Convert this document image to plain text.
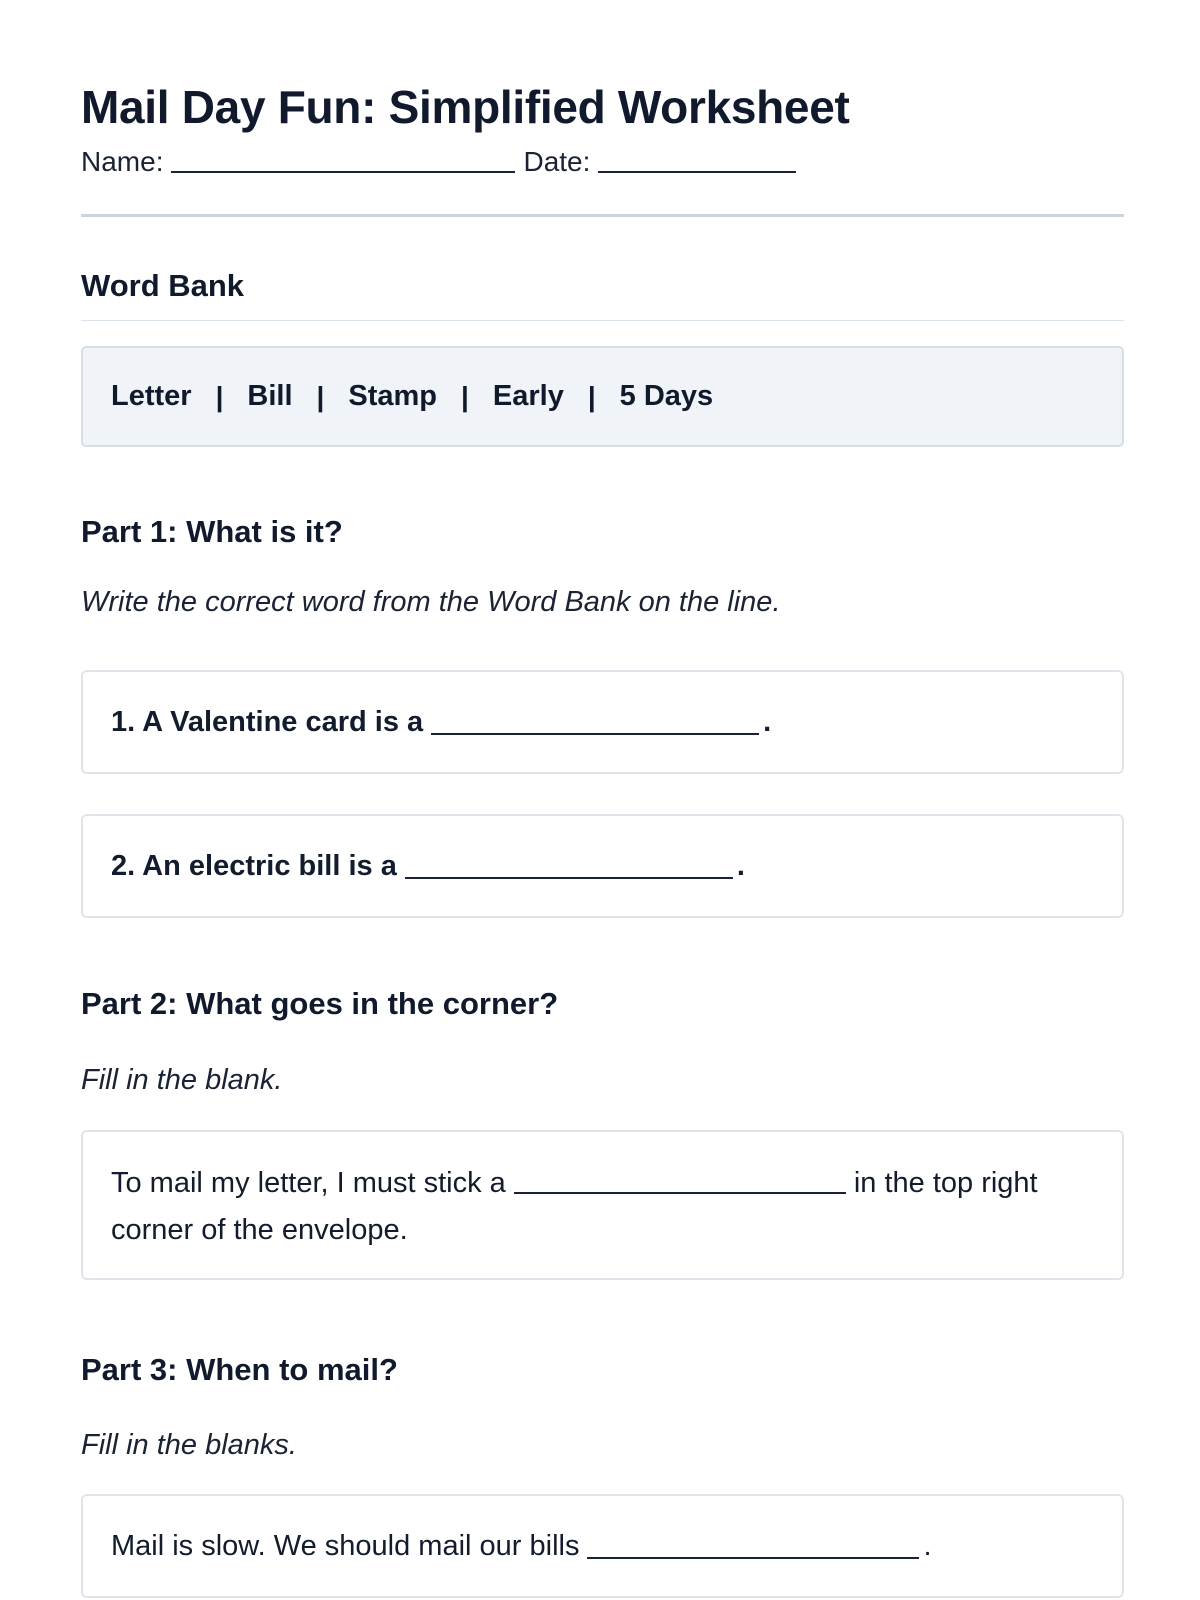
Mail Day Fun: Simplified Worksheet
Name:	Date:
Word Bank
Letter | Bill | Stamp | Early | 5 Days
Part 1: What is it?

Write the correct word from the Word Bank on the line.

1. A Valentine card is a	.
2. An electric bill is a	.
Part 2: What goes in the corner?

Fill in the blank.

To mail my letter, I must stick a	in the top right corner of the envelope.
Part 3: When to mail?

Fill in the blanks.

Mail is slow. We should mail our bills	.
